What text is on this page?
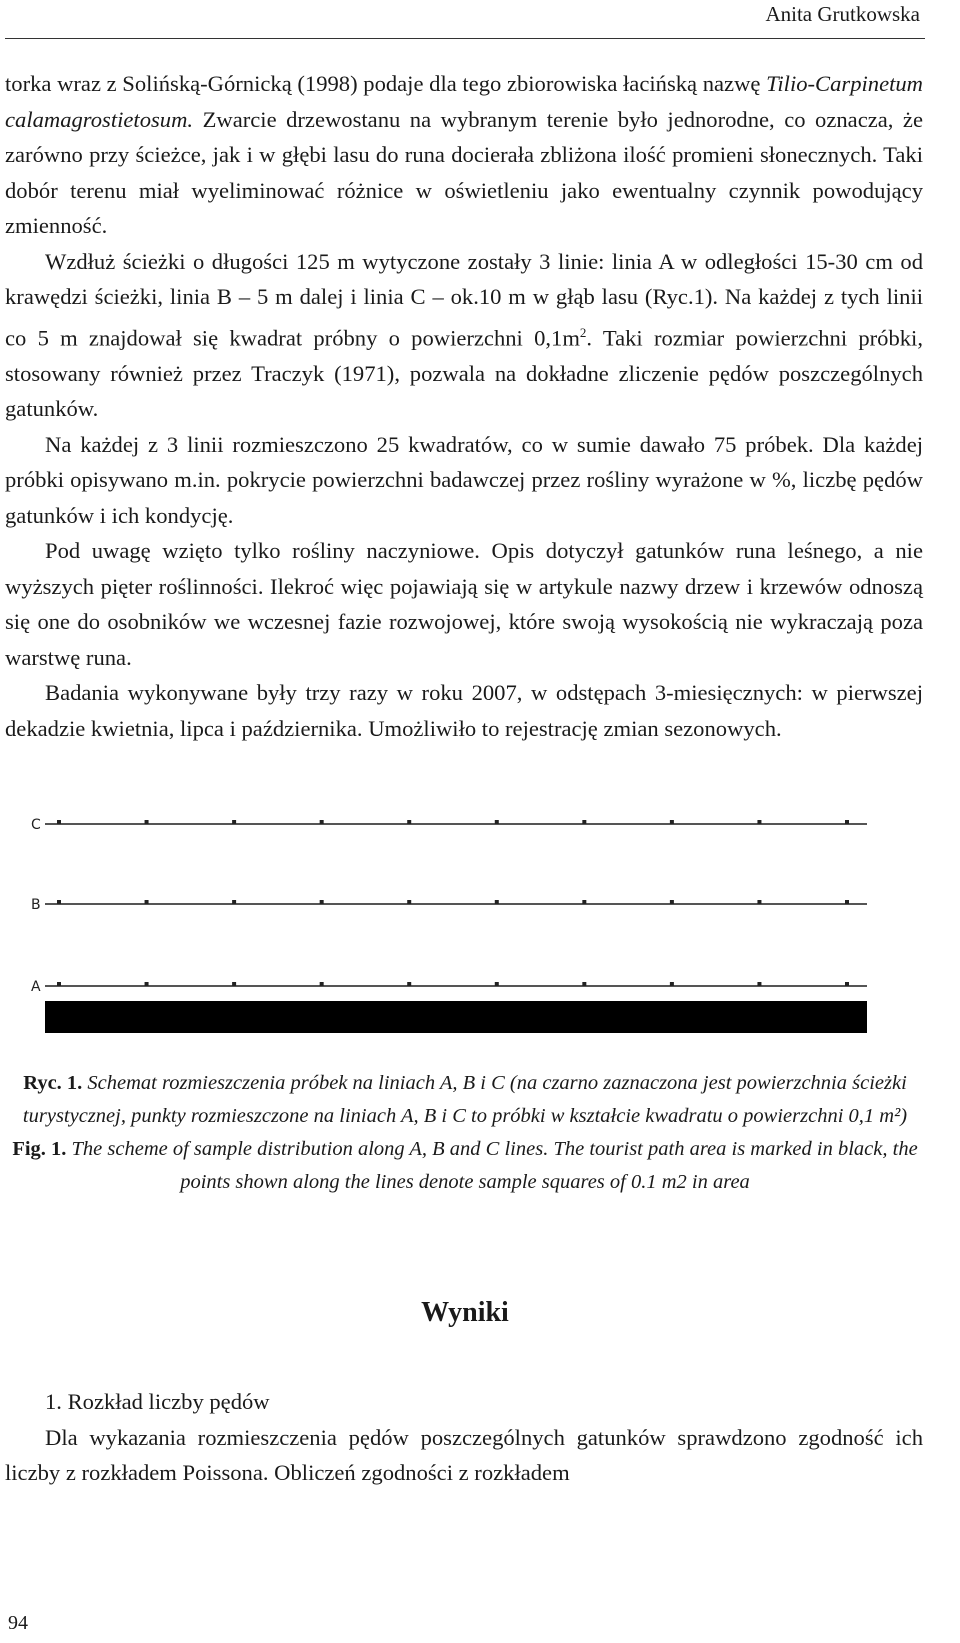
Anita Grutkowska

torka wraz z Solińską-Górnicką (1998) podaje dla tego zbiorowiska łacińską nazwę Tilio-Carpinetum calamagrostietosum. Zwarcie drzewostanu na wybranym terenie było jednorodne, co oznacza, że zarówno przy ścieżce, jak i w głębi lasu do runa docierała zbliżona ilość promieni słonecznych. Taki dobór terenu miał wyeliminować różnice w oświetleniu jako ewentualny czynnik powodujący zmienność.

Wzdłuż ścieżki o długości 125 m wytyczone zostały 3 linie: linia A w odległości 15-30 cm od krawędzi ścieżki, linia B – 5 m dalej i linia C – ok.10 m w głąb lasu (Ryc.1). Na każdej z tych linii co 5 m znajdował się kwadrat próbny o powierzchni $0,1m^2$. Taki rozmiar powierzchni próbki, stosowany również przez Traczyk (1971), pozwala na dokładne zliczenie pędów poszczególnych gatunków.

Na każdej z 3 linii rozmieszczono 25 kwadratów, co w sumie dawało 75 próbek. Dla każdej próbki opisywano m.in. pokrycie powierzchni badawczej przez rośliny wyrażone w %, liczbę pędów gatunków i ich kondycję.

Pod uwagę wzięto tylko rośliny naczyniowe. Opis dotyczył gatunków runa leśnego, a nie wyższych pięter roślinności. Ilekroć więc pojawiają się w artykule nazwy drzew i krzewów odnoszą się one do osobników we wczesnej fazie rozwojowej, które swoją wysokością nie wykraczają poza warstwę runa.

Badania wykonywane były trzy razy w roku 2007, w odstępach 3-miesięcznych: w pierwszej dekadzie kwietnia, lipca i października. Umożliwiło to rejestrację zmian sezonowych.

C
B
A
Ryc. 1. Schemat rozmieszczenia próbek na liniach A, B i C (na czarno zaznaczona jest powierzchnia ścieżki turystycznej, punkty rozmieszczone na liniach A, B i C to próbki w kształcie kwadratu o powierzchni 0,1 m²)
Fig. 1. The scheme of sample distribution along A, B and C lines. The tourist path area is marked in black, the points shown along the lines denote sample squares of 0.1 m2 in area
Wyniki

1. Rozkład liczby pędów

Dla wykazania rozmieszczenia pędów poszczególnych gatunków sprawdzono zgodność ich liczby z rozkładem Poissona. Obliczeń zgodności z rozkładem

94
